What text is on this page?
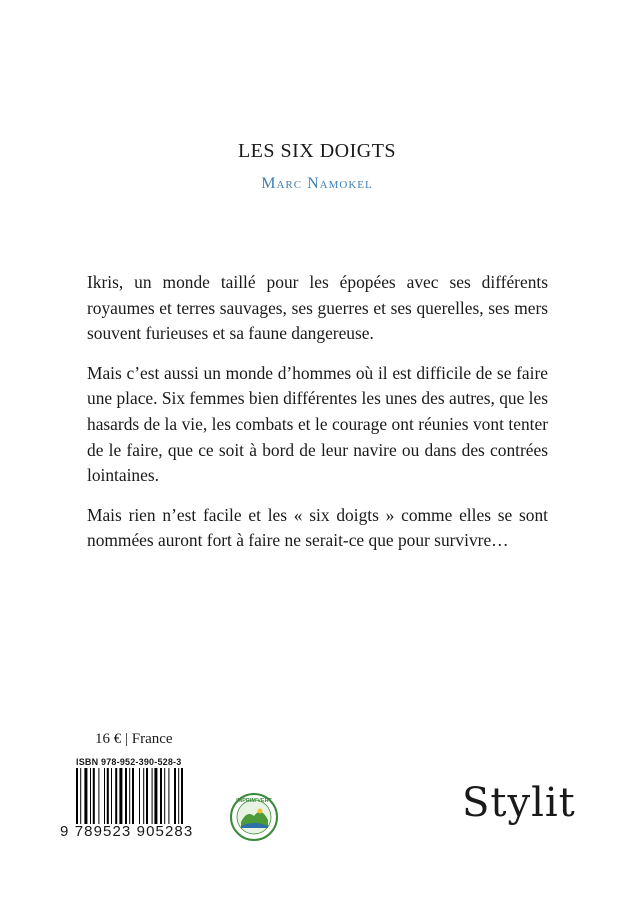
LES SIX DOIGTS
Marc Namokel

Ikris, un monde taillé pour les épopées avec ses différents royaumes et terres sauvages, ses guerres et ses querelles, ses mers souvent furieuses et sa faune dangereuse.

Mais c’est aussi un monde d’hommes où il est difficile de se faire une place. Six femmes bien différentes les unes des autres, que les hasards de la vie, les combats et le courage ont réunies vont tenter de le faire, que ce soit à bord de leur navire ou dans des contrées lointaines.

Mais rien n’est facile et les « six doigts » comme elles se sont nommées auront fort à faire ne serait-ce que pour survivre…

16 € | France
ISBN 978-952-390-528-3
9 789523 905283
IMPRIM'VERT	Stylit
